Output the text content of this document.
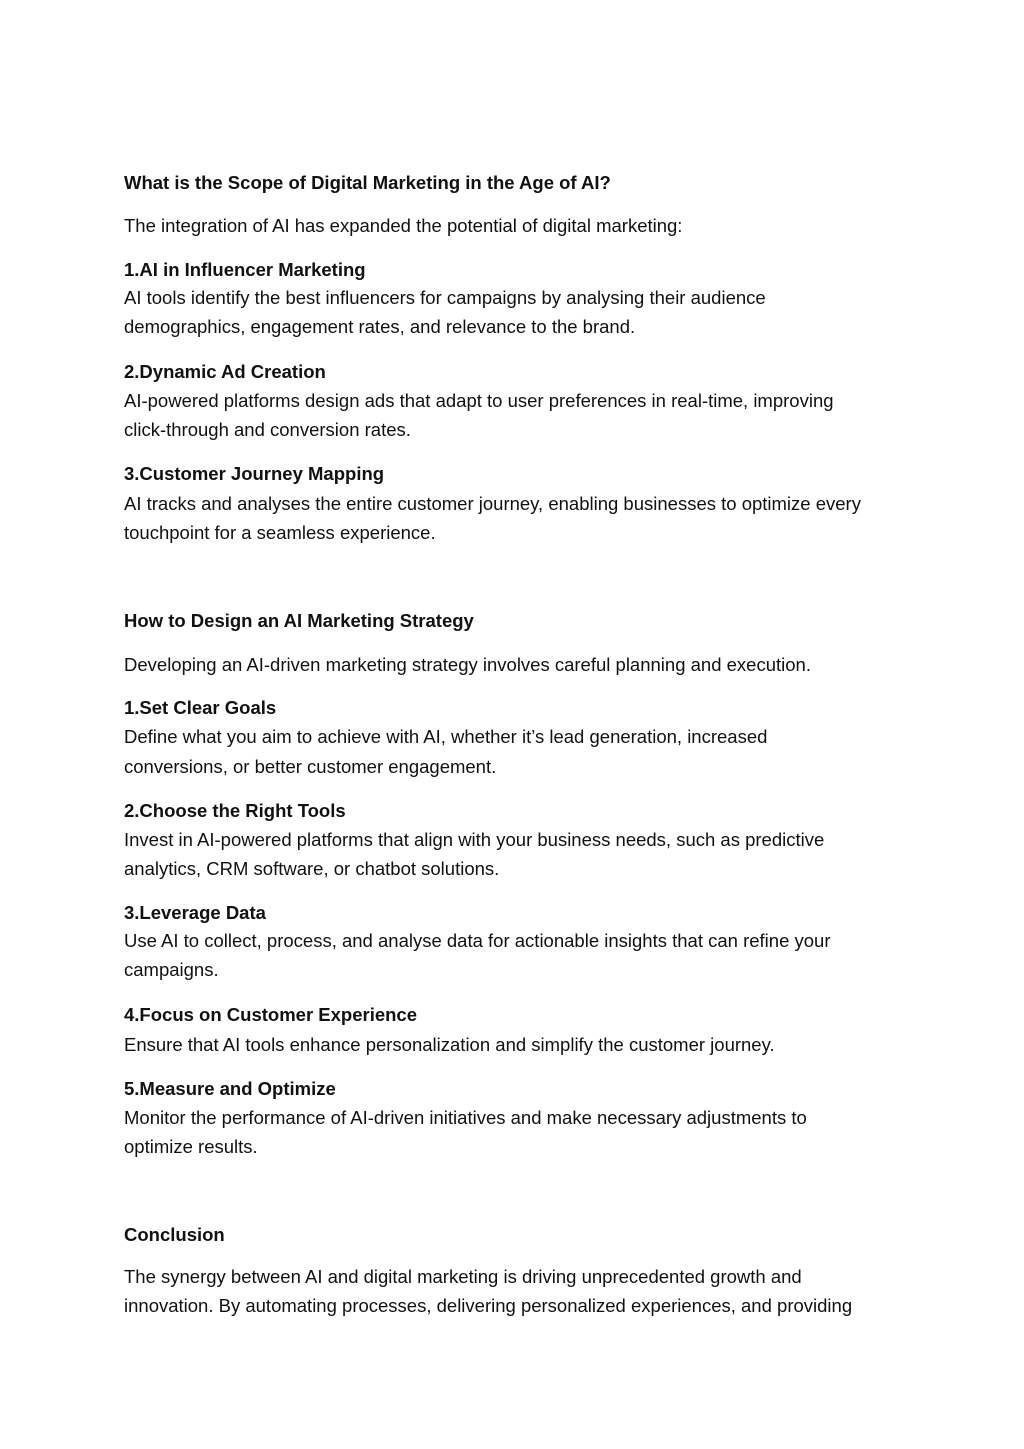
What is the Scope of Digital Marketing in the Age of AI?
The integration of AI has expanded the potential of digital marketing:
1.AI in Influencer Marketing
AI tools identify the best influencers for campaigns by analysing their audience
demographics, engagement rates, and relevance to the brand.
2.Dynamic Ad Creation
AI-powered platforms design ads that adapt to user preferences in real-time, improving
click-through and conversion rates.
3.Customer Journey Mapping
AI tracks and analyses the entire customer journey, enabling businesses to optimize every
touchpoint for a seamless experience.
How to Design an AI Marketing Strategy
Developing an AI-driven marketing strategy involves careful planning and execution.
1.Set Clear Goals
Define what you aim to achieve with AI, whether it’s lead generation, increased
conversions, or better customer engagement.
2.Choose the Right Tools
Invest in AI-powered platforms that align with your business needs, such as predictive
analytics, CRM software, or chatbot solutions.
3.Leverage Data
Use AI to collect, process, and analyse data for actionable insights that can refine your
campaigns.
4.Focus on Customer Experience
Ensure that AI tools enhance personalization and simplify the customer journey.
5.Measure and Optimize
Monitor the performance of AI-driven initiatives and make necessary adjustments to
optimize results.
Conclusion
The synergy between AI and digital marketing is driving unprecedented growth and
innovation. By automating processes, delivering personalized experiences, and providing
